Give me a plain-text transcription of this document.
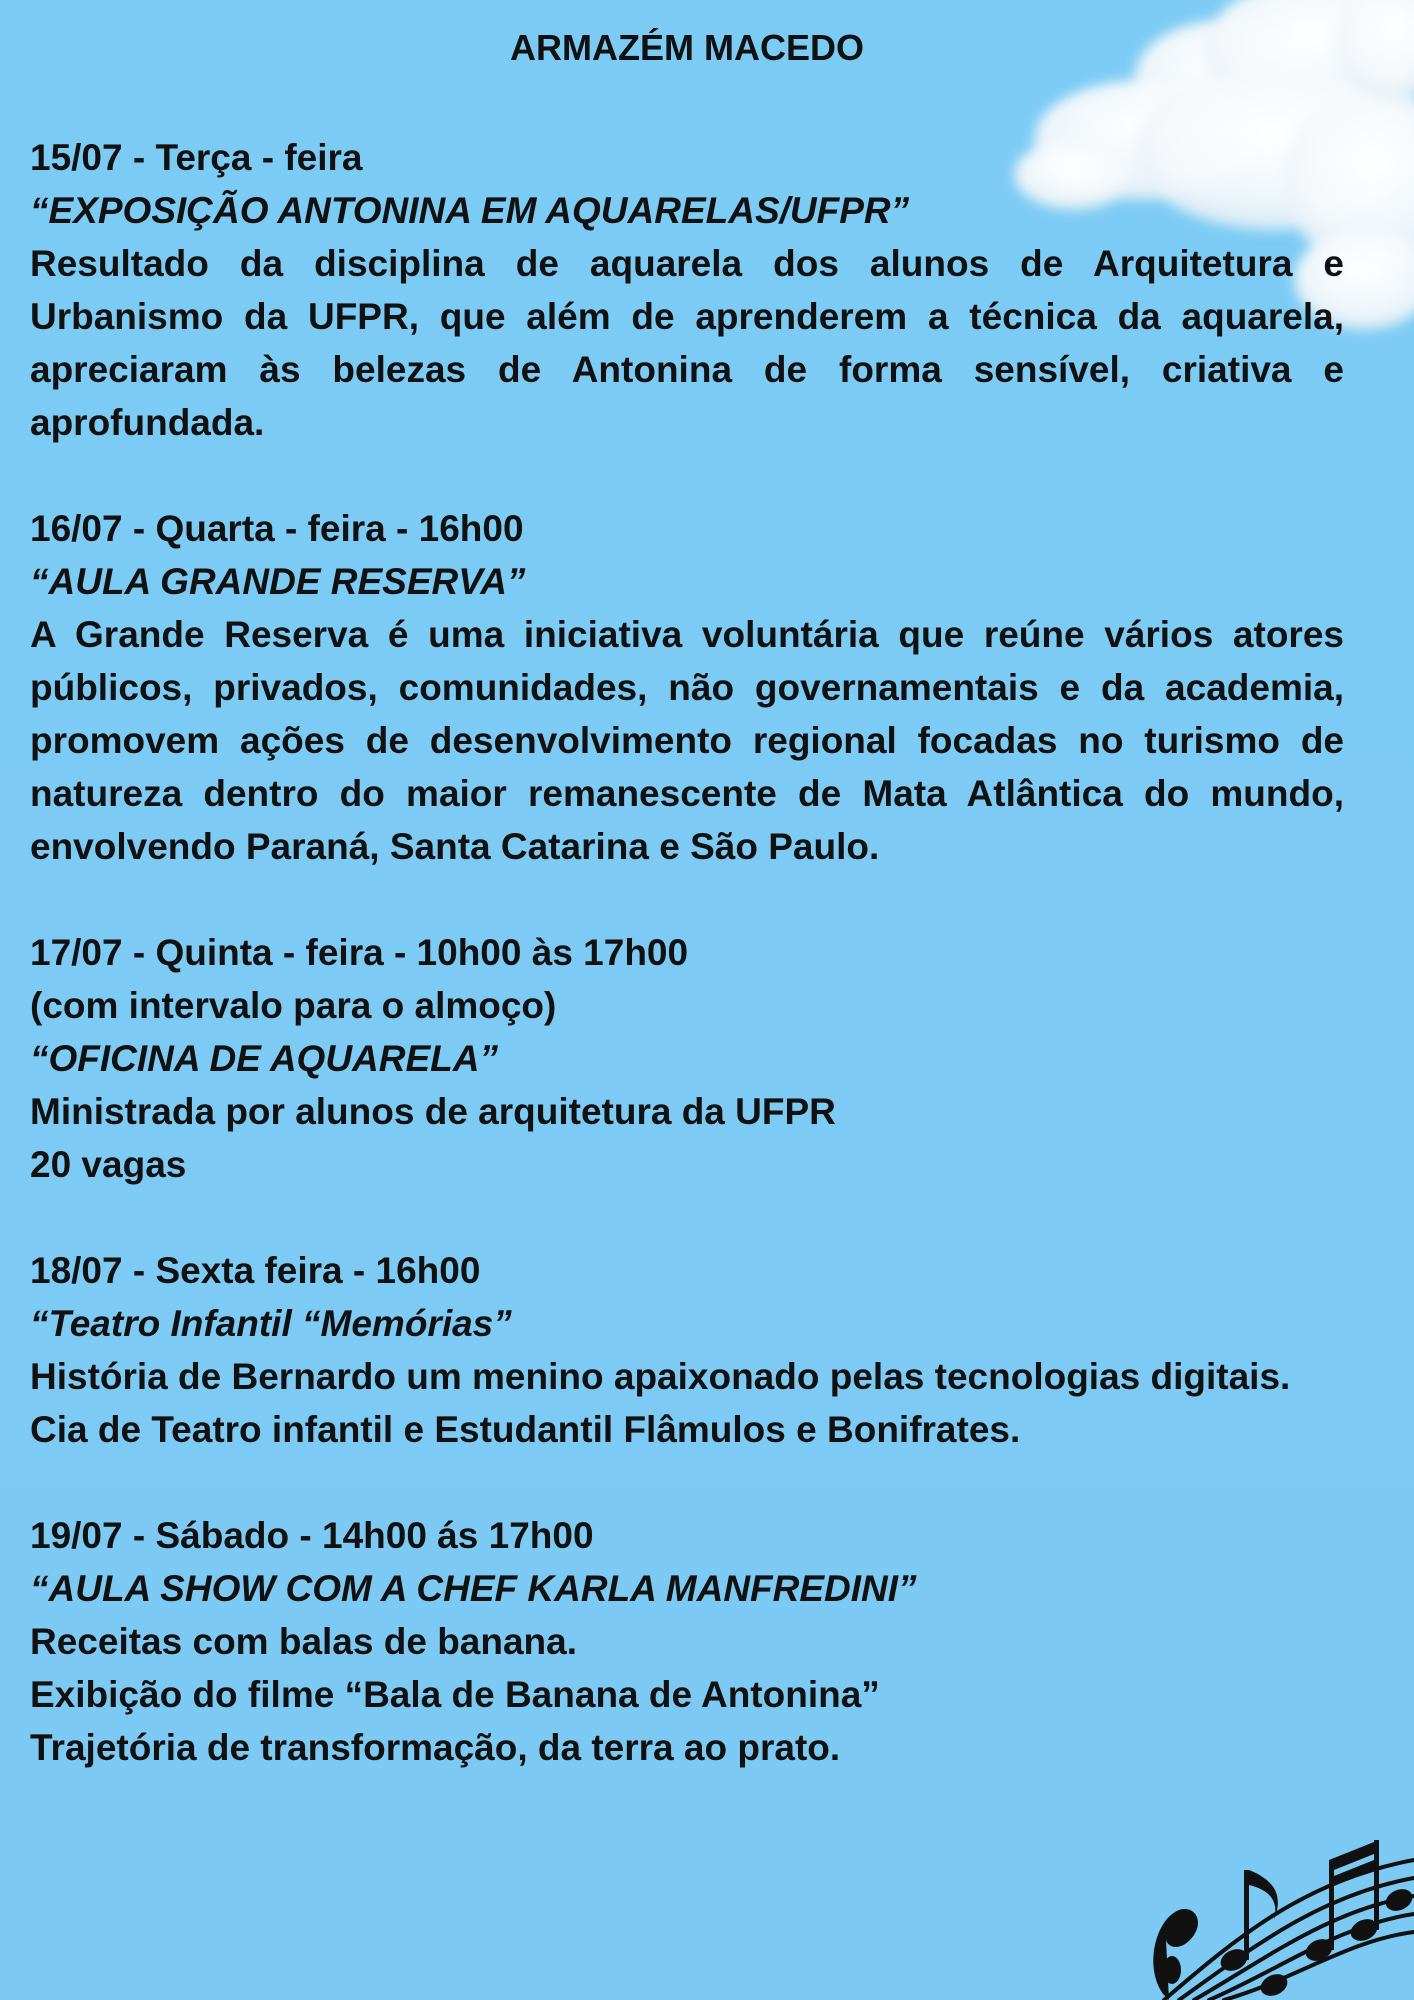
ARMAZÉM MACEDO

15/07 - Terça - feira

“EXPOSIÇÃO ANTONINA EM AQUARELAS/UFPR”

Resultado da disciplina de aquarela dos alunos de Arquitetura e Urbanismo da UFPR, que além de aprenderem a técnica da aquarela, apreciaram às belezas de Antonina de forma sensível, criativa e aprofundada.

16/07 - Quarta - feira - 16h00

“AULA GRANDE RESERVA”

A Grande Reserva é uma iniciativa voluntária que reúne vários atores públicos, privados, comunidades, não governamentais e da academia, promovem ações de desenvolvimento regional focadas no turismo de natureza dentro do maior remanescente de Mata Atlântica do mundo, envolvendo Paraná, Santa Catarina e São Paulo.

17/07 - Quinta - feira - 10h00 às 17h00

(com intervalo para o almoço)

“OFICINA DE AQUARELA”

Ministrada por alunos de arquitetura da UFPR

20 vagas

18/07 - Sexta feira - 16h00

“Teatro Infantil “Memórias”

História de Bernardo um menino apaixonado pelas tecnologias digitais.

Cia de Teatro infantil e Estudantil Flâmulos e Bonifrates.

19/07 - Sábado - 14h00 ás 17h00

“AULA SHOW COM A CHEF KARLA MANFREDINI”

Receitas com balas de banana.

Exibição do filme “Bala de Banana de Antonina”

Trajetória de transformação, da terra ao prato.
